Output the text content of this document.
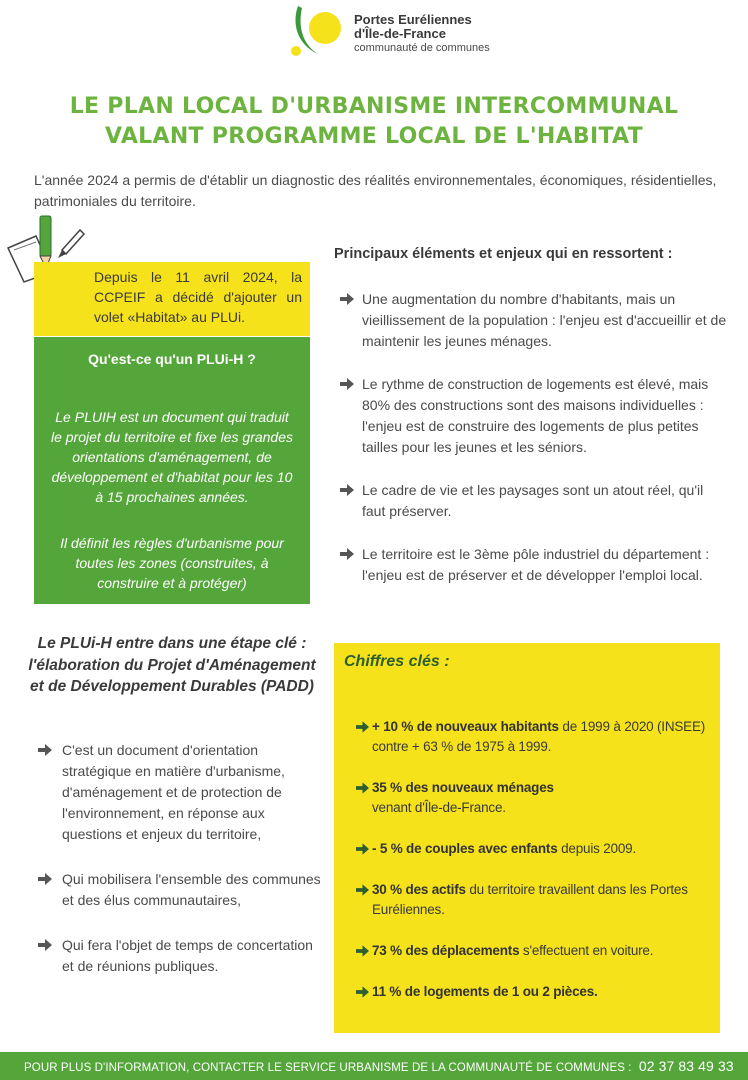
Portes Euréliennes
d'Île-de-France
communauté de communes
LE PLAN LOCAL D'URBANISME INTERCOMMUNAL
VALANT PROGRAMME LOCAL DE L'HABITAT

L'année 2024 a permis de d'établir un diagnostic des réalités environnementales, économiques, résidentielles, patrimoniales du territoire.

Depuis le 11 avril 2024, la CCPEIF a décidé d'ajouter un volet «Habitat» au PLUi.
Qu'est-ce qu'un PLUi-H ?
Le PLUIH est un document qui traduit le projet du territoire et fixe les grandes orientations d'aménagement, de développement et d'habitat pour les 10 à 15 prochaines années.
Il définit les règles d'urbanisme pour toutes les zones (construites, à construire et à protéger)
Le PLUi-H entre dans une étape clé : l'élaboration du Projet d'Aménagement et de Développement Durables (PADD)
C'est un document d'orientation stratégique en matière d'urbanisme, d'aménagement et de protection de l'environnement, en réponse aux questions et enjeux du territoire,
Qui mobilisera l'ensemble des communes et des élus communautaires,
Qui fera l'objet de temps de concertation et de réunions publiques.
Principaux éléments et enjeux qui en ressortent :
Une augmentation du nombre d'habitants, mais un vieillissement de la population : l'enjeu est d'accueillir et de maintenir les jeunes ménages.
Le rythme de construction de logements est élevé, mais 80% des constructions sont des maisons individuelles : l'enjeu est de construire des logements de plus petites tailles pour les jeunes et les séniors.
Le cadre de vie et les paysages sont un atout réel, qu'il faut préserver.
Le territoire est le 3ème pôle industriel du département : l'enjeu est de préserver et de développer l'emploi local.
Chiffres clés :
+ 10 % de nouveaux habitants de 1999 à 2020 (INSEE) contre + 63 % de 1975 à 1999.
35 % des nouveaux ménages
venant d'Île-de-France.
- 5 % de couples avec enfants depuis 2009.
30 % des actifs du territoire travaillent dans les Portes Euréliennes.
73 % des déplacements s'effectuent en voiture.
11 % de logements de 1 ou 2 pièces.
POUR PLUS D'INFORMATION, CONTACTER LE SERVICE URBANISME DE LA COMMUNAUTÉ DE COMMUNES : 02 37 83 49 33
